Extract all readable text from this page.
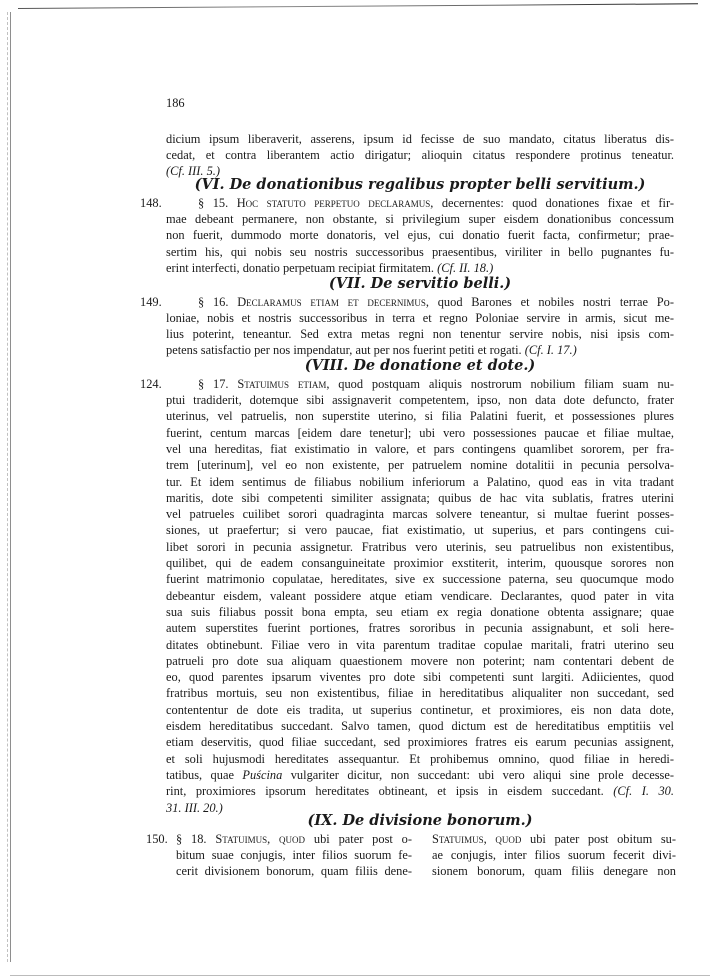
186
dicium ipsum liberaverit, asserens, ipsum id fecisse de suo mandato, citatus liberatus dis-
cedat, et contra liberantem actio dirigatur; alioquin citatus respondere protinus teneatur.
(Cf. III. 5.)
(VI. De donationibus regalibus propter belli servitium.)
148.	§ 15. Hoc statuto perpetuo declaramus, decernentes: quod donationes fixae et fir-
mae debeant permanere, non obstante, si privilegium super eisdem donationibus concessum
non fuerit, dummodo morte donatoris, vel ejus, cui donatio fuerit facta, confirmetur; prae-
sertim his, qui nobis seu nostris successoribus praesentibus, viriliter in bello pugnantes fu-
erint interfecti, donatio perpetuam recipiat firmitatem. (Cf. II. 18.)
(VII. De servitio belli.)
149.	§ 16. Declaramus etiam et decernimus, quod Barones et nobiles nostri terrae Po-
loniae, nobis et nostris successoribus in terra et regno Poloniae servire in armis, sicut me-
lius poterint, teneantur. Sed extra metas regni non tenentur servire nobis, nisi ipsis com-
petens satisfactio per nos impendatur, aut per nos fuerint petiti et rogati. (Cf. I. 17.)
(VIII. De donatione et dote.)
124.	§ 17. Statuimus etiam, quod postquam aliquis nostrorum nobilium filiam suam nu-
ptui tradiderit, dotemque sibi assignaverit competentem, ipso, non data dote defuncto, frater
uterinus, vel patruelis, non superstite uterino, si filia Palatini fuerit, et possessiones plures
fuerint, centum marcas [eidem dare tenetur]; ubi vero possessiones paucae et filiae multae,
vel una hereditas, fiat existimatio in valore, et pars contingens quamlibet sororem, per fra-
trem [uterinum], vel eo non existente, per patruelem nomine dotalitii in pecunia persolva-
tur. Et idem sentimus de filiabus nobilium inferiorum a Palatino, quod eas in vita tradant
maritis, dote sibi competenti similiter assignata; quibus de hac vita sublatis, fratres uterini
vel patrueles cuilibet sorori quadraginta marcas solvere teneantur, si multae fuerint posses-
siones, ut praefertur; si vero paucae, fiat existimatio, ut superius, et pars contingens cui-
libet sorori in pecunia assignetur. Fratribus vero uterinis, seu patruelibus non existentibus,
quilibet, qui de eadem consanguineitate proximior exstiterit, interim, quousque sorores non
fuerint matrimonio copulatae, hereditates, sive ex successione paterna, seu quocumque modo
debeantur eisdem, valeant possidere atque etiam vendicare. Declarantes, quod pater in vita
sua suis filiabus possit bona empta, seu etiam ex regia donatione obtenta assignare; quae
autem superstites fuerint portiones, fratres sororibus in pecunia assignabunt, et soli here-
ditates obtinebunt. Filiae vero in vita parentum traditae copulae maritali, fratri uterino seu
patrueli pro dote sua aliquam quaestionem movere non poterint; nam contentari debent de
eo, quod parentes ipsarum viventes pro dote sibi competenti sunt largiti. Adiicientes, quod
fratribus mortuis, seu non existentibus, filiae in hereditatibus aliqualiter non succedant, sed
contententur de dote eis tradita, ut superius continetur, et proximiores, eis non data dote,
eisdem hereditatibus succedant. Salvo tamen, quod dictum est de hereditatibus emptitiis vel
etiam deservitis, quod filiae succedant, sed proximiores fratres eis earum pecunias assignent,
et soli hujusmodi hereditates assequantur. Et prohibemus omnino, quod filiae in heredi-
tatibus, quae Puścina vulgariter dicitur, non succedant: ubi vero aliqui sine prole decesse-
rint, proximiores ipsorum hereditates obtineant, et ipsis in eisdem succedant. (Cf. I. 30.
31. III. 20.)
(IX. De divisione bonorum.)
150. § 18. Statuimus, quod ubi pater post o-
bitum suae conjugis, inter filios suorum fe-
cerit divisionem bonorum, quam filiis dene-
Statuimus, quod ubi pater post obitum su-
ae conjugis, inter filios suorum fecerit divi-
sionem bonorum, quam filiis denegare non
